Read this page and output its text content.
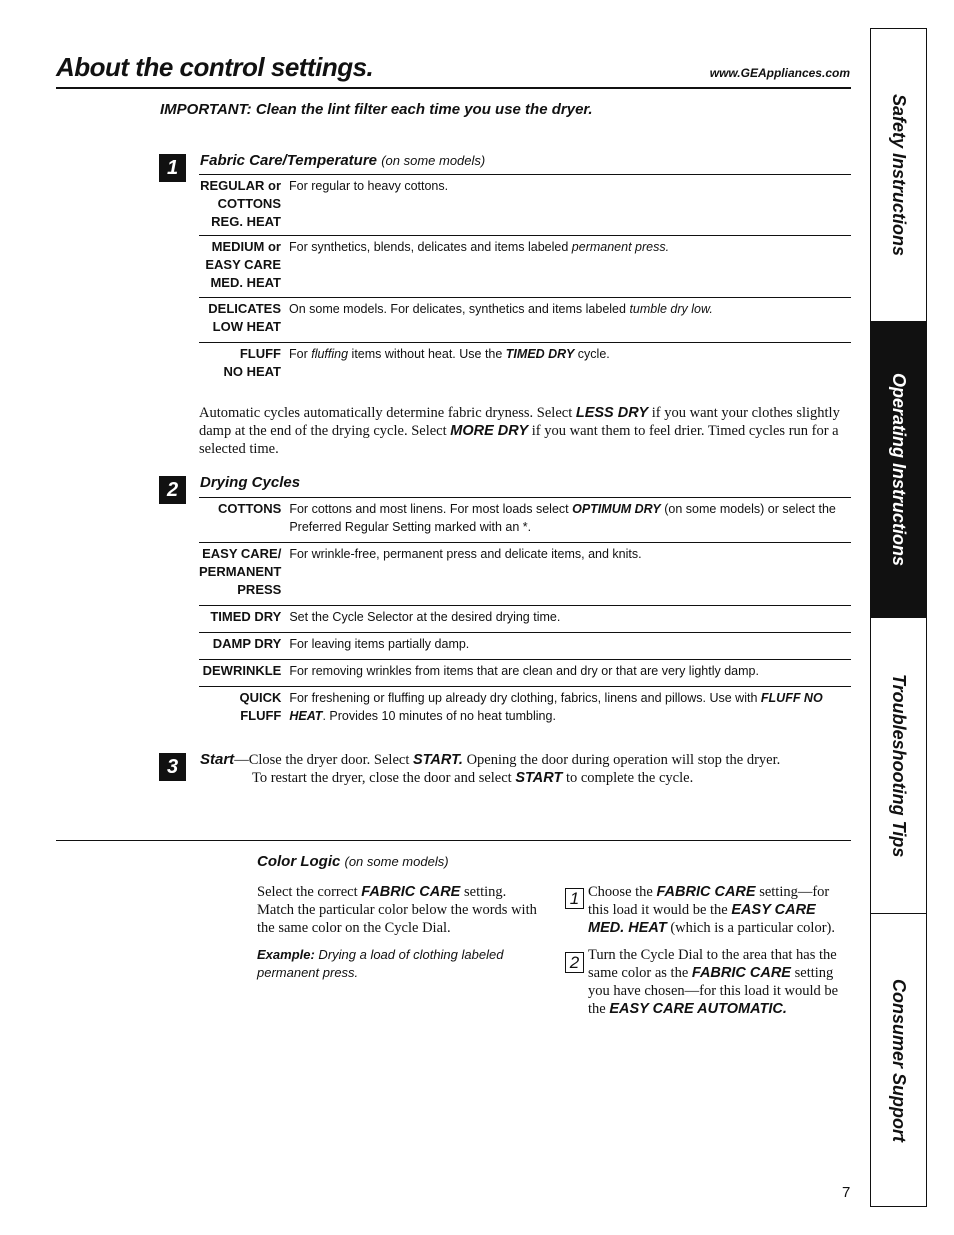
About the control settings.	www.GEAppliances.com
IMPORTANT: Clean the lint filter each time you use the dryer.
1	Fabric Care/Temperature (on some models)
REGULAR or
COTTONS
REG. HEAT	For regular to heavy cottons.
MEDIUM or
EASY CARE
MED. HEAT	For synthetics, blends, delicates and items labeled permanent press.
DELICATES
LOW HEAT	On some models. For delicates, synthetics and items labeled tumble dry low.
FLUFF
NO HEAT	For fluffing items without heat. Use the TIMED DRY cycle.
Automatic cycles automatically determine fabric dryness. Select LESS DRY if you want your clothes slightly damp at the end of the drying cycle. Select MORE DRY if you want them to feel drier. Timed cycles run for a selected time.
2	Drying Cycles
COTTONS	For cottons and most linens. For most loads select OPTIMUM DRY (on some models) or select the Preferred Regular Setting marked with an *.
EASY CARE/
PERMANENT
PRESS	For wrinkle-free, permanent press and delicate items, and knits.
TIMED DRY	Set the Cycle Selector at the desired drying time.
DAMP DRY	For leaving items partially damp.
DEWRINKLE	For removing wrinkles from items that are clean and dry or that are very lightly damp.
QUICK FLUFF	For freshening or fluffing up already dry clothing, fabrics, linens and pillows. Use with FLUFF NO HEAT. Provides 10 minutes of no heat tumbling.
3	Start—Close the dryer door. Select START. Opening the door during operation will stop the dryer.
To restart the dryer, close the door and select START to complete the cycle.
Color Logic (on some models)
Select the correct FABRIC CARE setting. Match the particular color below the words with the same color on the Cycle Dial.
Example: Drying a load of clothing labeled permanent press.
1 Choose the FABRIC CARE setting—for this load it would be the EASY CARE MED. HEAT (which is a particular color).
2 Turn the Cycle Dial to the area that has the same color as the FABRIC CARE setting you have chosen—for this load it would be the EASY CARE AUTOMATIC.
Safety Instructions
Operating Instructions
Troubleshooting Tips
Consumer Support
7
